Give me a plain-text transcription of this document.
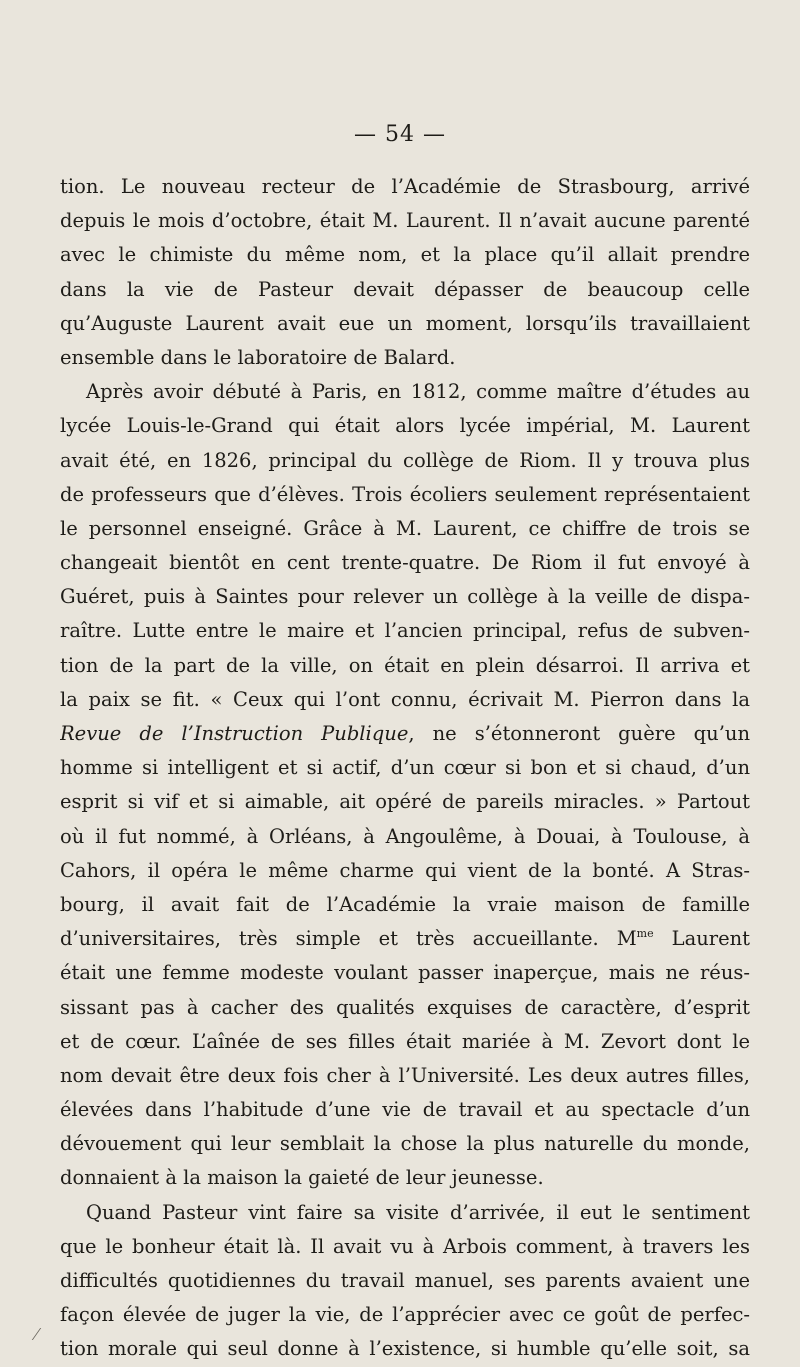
— 54 —
tion. Le nouveau recteur de l’Académie de Strasbourg, arrivé
depuis le mois d’octobre, était M. Laurent. Il n’avait aucune parenté
avec le chimiste du même nom, et la place qu’il allait prendre
dans la vie de Pasteur devait dépasser de beaucoup celle
qu’Auguste Laurent avait eue un moment, lorsqu’ils travaillaient
ensemble dans le laboratoire de Balard.
Après avoir débuté à Paris, en 1812, comme maître d’études au
lycée Louis-le-Grand qui était alors lycée impérial, M. Laurent
avait été, en 1826, principal du collège de Riom. Il y trouva plus
de professeurs que d’élèves. Trois écoliers seulement représentaient
le personnel enseigné. Grâce à M. Laurent, ce chiffre de trois se
changeait bientôt en cent trente-quatre. De Riom il fut envoyé à
Guéret, puis à Saintes pour relever un collège à la veille de dispa-
raître. Lutte entre le maire et l’ancien principal, refus de subven-
tion de la part de la ville, on était en plein désarroi. Il arriva et
la paix se fit. « Ceux qui l’ont connu, écrivait M. Pierron dans la
Revue de l’Instruction Publique, ne s’étonneront guère qu’un
homme si intelligent et si actif, d’un cœur si bon et si chaud, d’un
esprit si vif et si aimable, ait opéré de pareils miracles. » Partout
où il fut nommé, à Orléans, à Angoulême, à Douai, à Toulouse, à
Cahors, il opéra le même charme qui vient de la bonté. A Stras-
bourg, il avait fait de l’Académie la vraie maison de famille
d’universitaires, très simple et très accueillante. $M^{me}$ Laurent
était une femme modeste voulant passer inaperçue, mais ne réus-
sissant pas à cacher des qualités exquises de caractère, d’esprit
et de cœur. L’aînée de ses filles était mariée à M. Zevort dont le
nom devait être deux fois cher à l’Université. Les deux autres filles,
élevées dans l’habitude d’une vie de travail et au spectacle d’un
dévouement qui leur semblait la chose la plus naturelle du monde,
donnaient à la maison la gaieté de leur jeunesse.
Quand Pasteur vint faire sa visite d’arrivée, il eut le sentiment
que le bonheur était là. Il avait vu à Arbois comment, à travers les
difficultés quotidiennes du travail manuel, ses parents avaient une
façon élevée de juger la vie, de l’apprécier avec ce goût de perfec-
tion morale qui seul donne à l’existence, si humble qu’elle soit, sa
